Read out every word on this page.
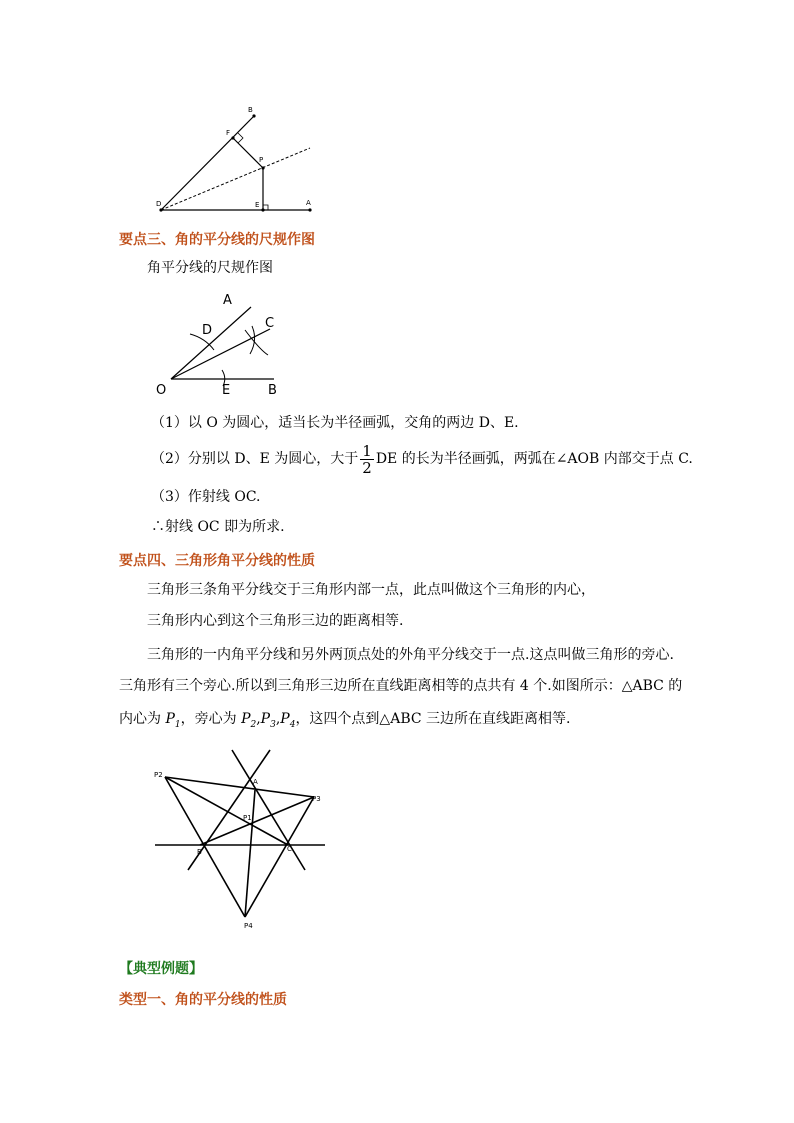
B
F
P
D	E	A
要点三、角的平分线的尺规作图
角平分线的尺规作图
A
D	C
O	E	B
（1）以 O 为圆心，适当长为半径画弧，交角的两边 D、E.
（2）分别以 D、E 为圆心，大于 $\frac{1}{2}$ DE 的长为半径画弧，两弧在∠AOB 内部交于点 C.
（3）作射线 OC.
∴射线 OC 即为所求.
要点四、三角形角平分线的性质
三角形三条角平分线交于三角形内部一点，此点叫做这个三角形的内心，
三角形内心到这个三角形三边的距离相等.
三角形的一内角平分线和另外两顶点处的外角平分线交于一点.这点叫做三角形的旁心.
三角形有三个旁心.所以到三角形三边所在直线距离相等的点共有 4 个.如图所示：△ABC 的
内心为 $P_1$，旁心为 $P_2,P_3,P_4$，这四个点到△ABC 三边所在直线距离相等.
P2
A
P3
P1
B	C
P4
【典型例题】
类型一、角的平分线的性质
